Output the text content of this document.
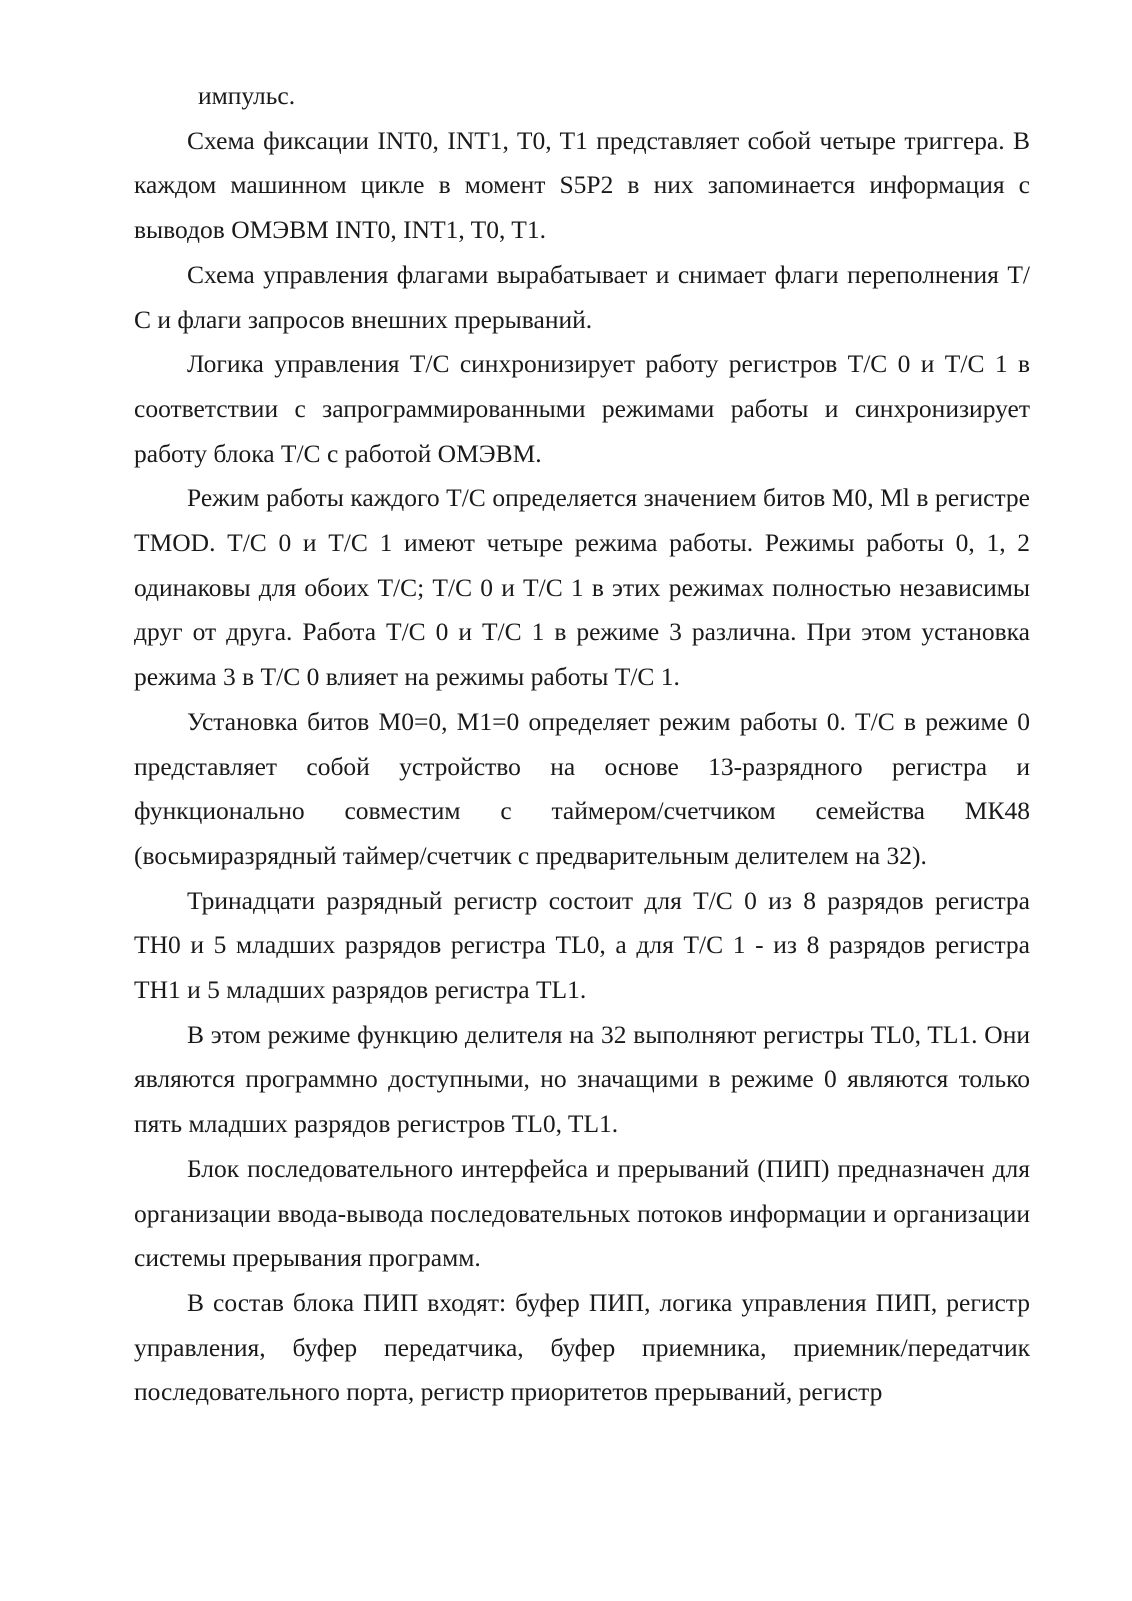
импульс.

Схема фиксации INT0, INT1, T0, T1 представляет собой четыре триггера. В каждом машинном цикле в момент S5P2 в них запоминается информация с выводов ОМЭВМ INT0, INT1, T0, T1.

Схема управления флагами вырабатывает и снимает флаги переполнения Т/С и флаги запросов внешних прерываний.

Логика управления Т/С синхронизирует работу регистров Т/С 0 и Т/С 1 в соответствии с запрограммированными режимами работы и синхронизирует работу блока Т/С с работой ОМЭВМ.

Режим работы каждого Т/С определяется значением битов М0, Ml в регистре TMOD. Т/С 0 и Т/С 1 имеют четыре режима работы. Режимы работы 0, 1, 2 одинаковы для обоих Т/С; Т/С 0 и Т/С 1 в этих режимах полностью независимы друг от друга. Работа Т/С 0 и Т/С 1 в режиме 3 различна. При этом установка режима 3 в Т/С 0 влияет на режимы работы Т/С 1.

Установка битов М0=0, М1=0 определяет режим работы 0. Т/С в режиме 0 представляет собой устройство на основе 13-разрядного регистра и функционально совместим с таймером/счетчиком семейства МК48 (восьмиразрядный таймер/счетчик с предварительным делителем на 32).

Тринадцати разрядный регистр состоит для Т/С 0 из 8 разрядов регистра TH0 и 5 младших разрядов регистра TL0, а для Т/С 1 - из 8 разрядов регистра TH1 и 5 младших разрядов регистра TL1.

В этом режиме функцию делителя на 32 выполняют регистры TL0, TL1. Они являются программно доступными, но значащими в режиме 0 являются только пять младших разрядов регистров TL0, TL1.

Блок последовательного интерфейса и прерываний (ПИП) предназначен для организации ввода-вывода последовательных потоков информации и организации системы прерывания программ.

В состав блока ПИП входят: буфер ПИП, логика управления ПИП, регистр управления, буфер передатчика, буфер приемника, приемник/передатчик последовательного порта, регистр приоритетов прерываний, регистр
